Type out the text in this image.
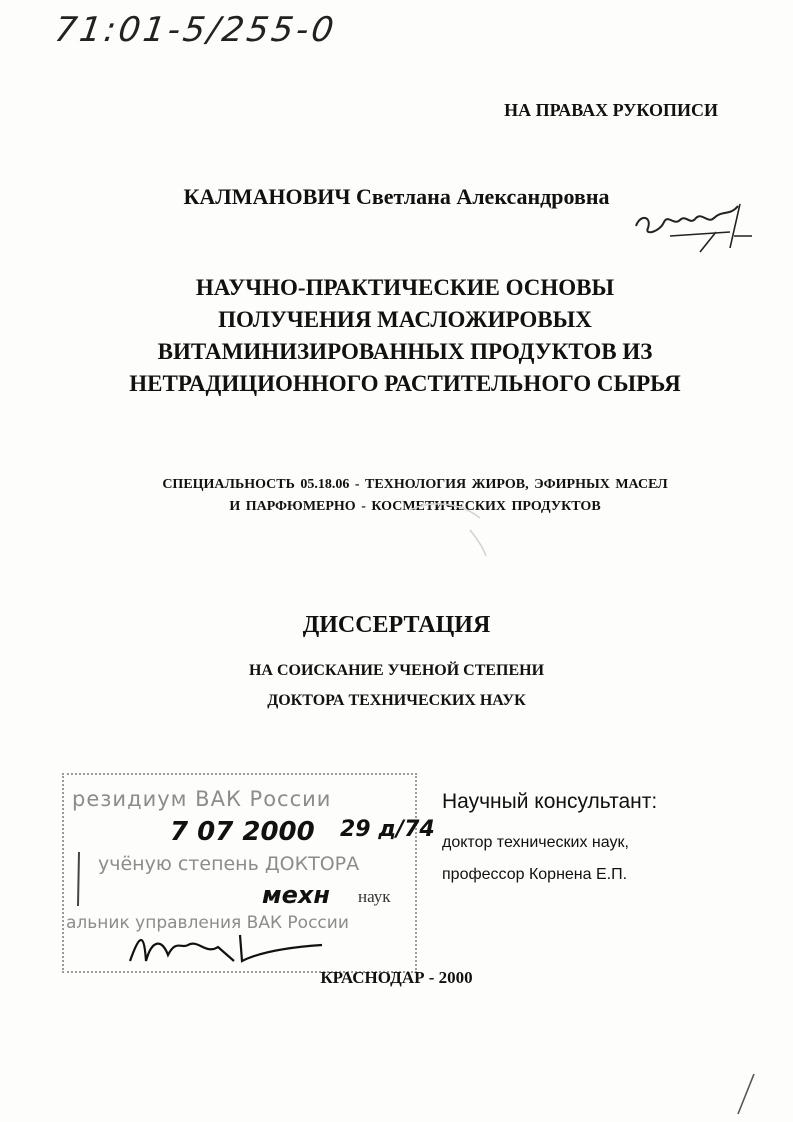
71:01-5/255-0
НА ПРАВАХ РУКОПИСИ
КАЛМАНОВИЧ Светлана Александровна
НАУЧНО-ПРАКТИЧЕСКИЕ ОСНОВЫ
ПОЛУЧЕНИЯ МАСЛОЖИРОВЫХ
ВИТАМИНИЗИРОВАННЫХ ПРОДУКТОВ ИЗ
НЕТРАДИЦИОННОГО РАСТИТЕЛЬНОГО СЫРЬЯ
СПЕЦИАЛЬНОСТЬ 05.18.06 - ТЕХНОЛОГИЯ ЖИРОВ, ЭФИРНЫХ МАСЕЛ
И ПАРФЮМЕРНО - КОСМЕТИЧЕСКИХ ПРОДУКТОВ
ДИССЕРТАЦИЯ
НА СОИСКАНИЕ УЧЕНОЙ СТЕПЕНИ
ДОКТОРА ТЕХНИЧЕСКИХ НАУК
резидиум ВАК России
7 07 2000 29 д/74
учёную степень ДОКТОРА
мехн наук
альник управления ВАК России
Научный консультант:
доктор технических наук,
профессор Корнена Е.П.
КРАСНОДАР - 2000
